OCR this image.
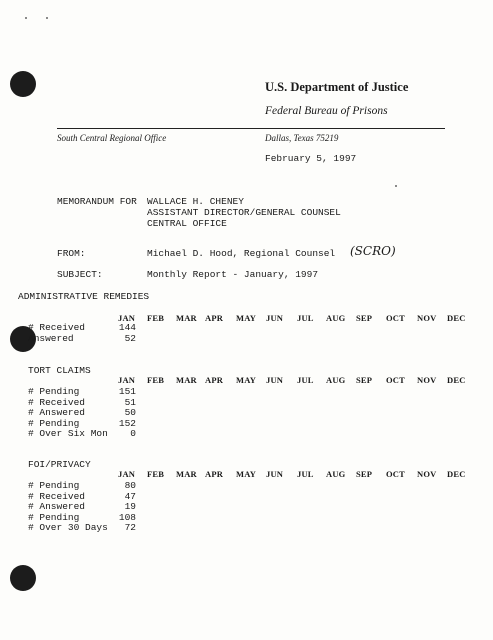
U.S. Department of Justice
Federal Bureau of Prisons
South Central Regional Office	Dallas, Texas 75219
February 5, 1997
MEMORANDUM FOR WALLACE H. CHENEY
ASSISTANT DIRECTOR/GENERAL COUNSEL
CENTRAL OFFICE
FROM:	Michael D. Hood, Regional Counsel (SCRO)
SUBJECT:	Monthly Report - January, 1997
ADMINISTRATIVE REMEDIES
JAN FEB MAR APR MAY JUN JUL AUG SEP OCT NOV DEC
# Received	144
Answered	52
TORT CLAIMS
JAN FEB MAR APR MAY JUN JUL AUG SEP OCT NOV DEC
# Pending	151
# Received	51
# Answered	50
# Pending	152
# Over Six Mon	0
FOI/PRIVACY
JAN FEB MAR APR MAY JUN JUL AUG SEP OCT NOV DEC
# Pending	80
# Received	47
# Answered	19
# Pending	108
# Over 30 Days	72
